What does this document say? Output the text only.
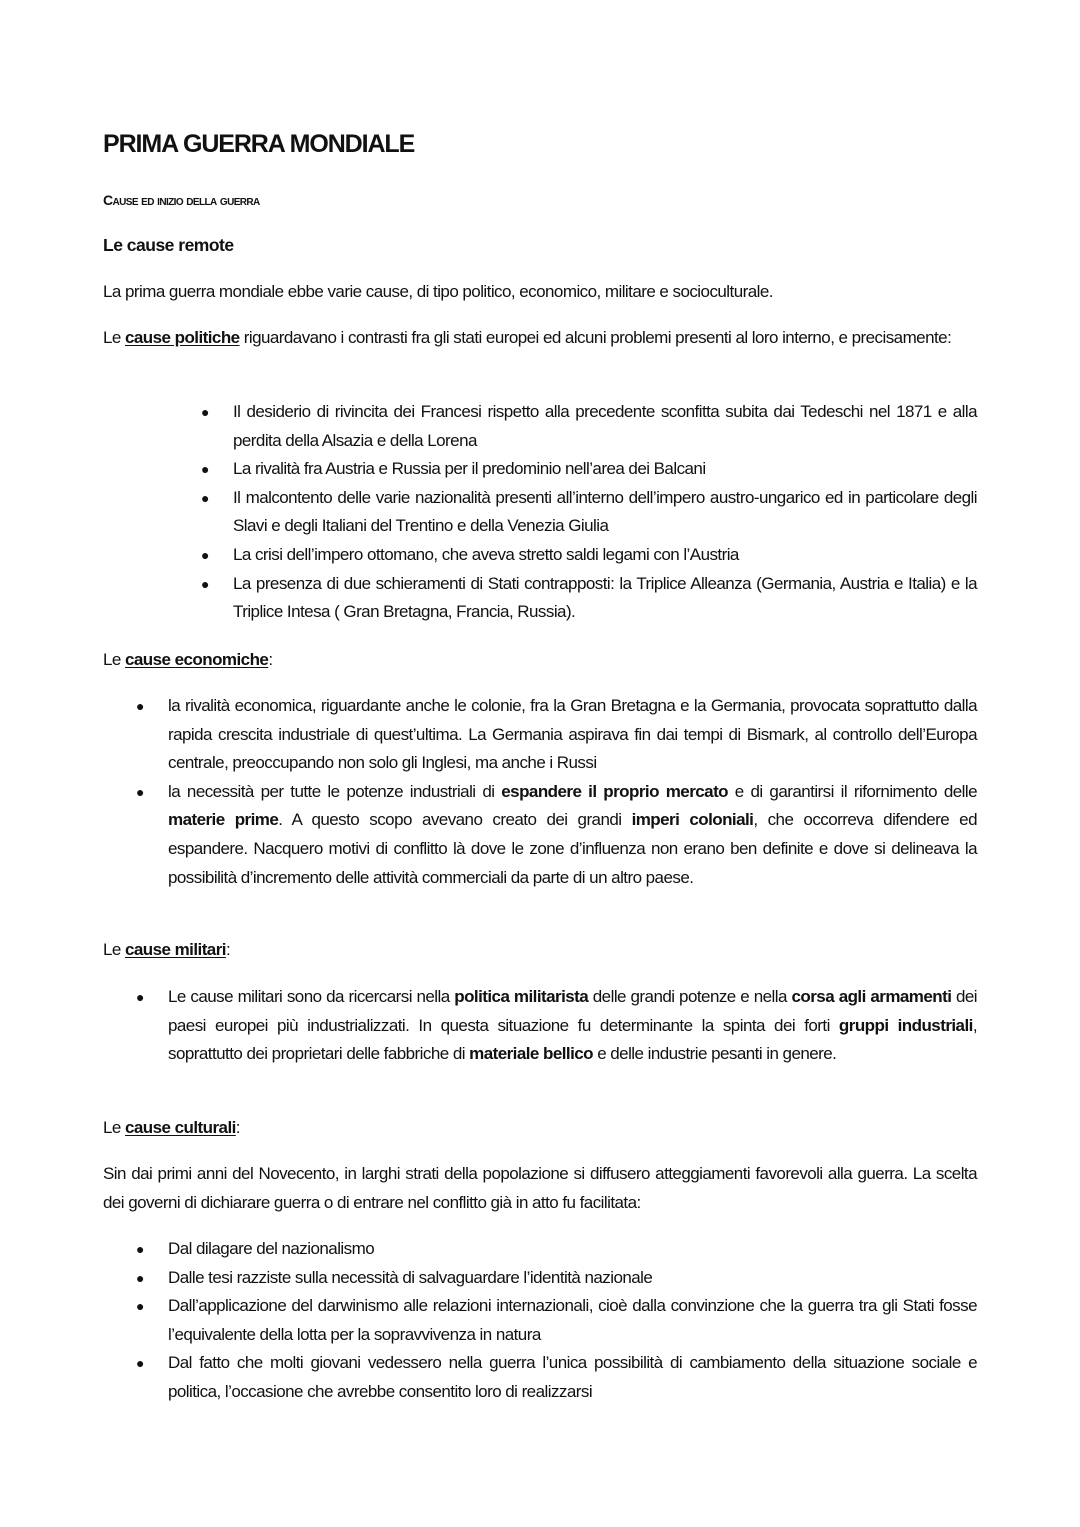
PRIMA GUERRA MONDIALE
Cause ed inizio della guerra
Le cause remote

La prima guerra mondiale ebbe varie cause, di tipo politico, economico, militare e socioculturale.

Le cause politiche riguardavano i contrasti fra gli stati europei ed alcuni problemi presenti al loro interno, e precisamente:

● Il desiderio di rivincita dei Francesi rispetto alla precedente sconfitta subita dai Tedeschi nel 1871 e alla perdita della Alsazia e della Lorena
● La rivalità fra Austria e Russia per il predominio nell’area dei Balcani
● Il malcontento delle varie nazionalità presenti all’interno dell’impero austro-ungarico ed in particolare degli Slavi e degli Italiani del Trentino e della Venezia Giulia
● La crisi dell’impero ottomano, che aveva stretto saldi legami con l’Austria
● La presenza di due schieramenti di Stati contrapposti: la Triplice Alleanza (Germania, Austria e Italia) e la Triplice Intesa ( Gran Bretagna, Francia, Russia).

Le cause economiche:

● la rivalità economica, riguardante anche le colonie, fra la Gran Bretagna e la Germania, provocata soprattutto dalla rapida crescita industriale di quest’ultima. La Germania aspirava fin dai tempi di Bismark, al controllo dell’Europa centrale, preoccupando non solo gli Inglesi, ma anche i Russi
● la necessità per tutte le potenze industriali di espandere il proprio mercato e di garantirsi il rifornimento delle materie prime. A questo scopo avevano creato dei grandi imperi coloniali, che occorreva difendere ed espandere. Nacquero motivi di conflitto là dove le zone d’influenza non erano ben definite e dove si delineava la possibilità d’incremento delle attività commerciali da parte di un altro paese.

Le cause militari:

● Le cause militari sono da ricercarsi nella politica militarista delle grandi potenze e nella corsa agli armamenti dei paesi europei più industrializzati. In questa situazione fu determinante la spinta dei forti gruppi industriali, soprattutto dei proprietari delle fabbriche di materiale bellico e delle industrie pesanti in genere.

Le cause culturali:

Sin dai primi anni del Novecento, in larghi strati della popolazione si diffusero atteggiamenti favorevoli alla guerra. La scelta dei governi di dichiarare guerra o di entrare nel conflitto già in atto fu facilitata:

● Dal dilagare del nazionalismo
● Dalle tesi razziste sulla necessità di salvaguardare l’identità nazionale
● Dall’applicazione del darwinismo alle relazioni internazionali, cioè dalla convinzione che la guerra tra gli Stati fosse l’equivalente della lotta per la sopravvivenza in natura
● Dal fatto che molti giovani vedessero nella guerra l’unica possibilità di cambiamento della situazione sociale e politica, l’occasione che avrebbe consentito loro di realizzarsi
